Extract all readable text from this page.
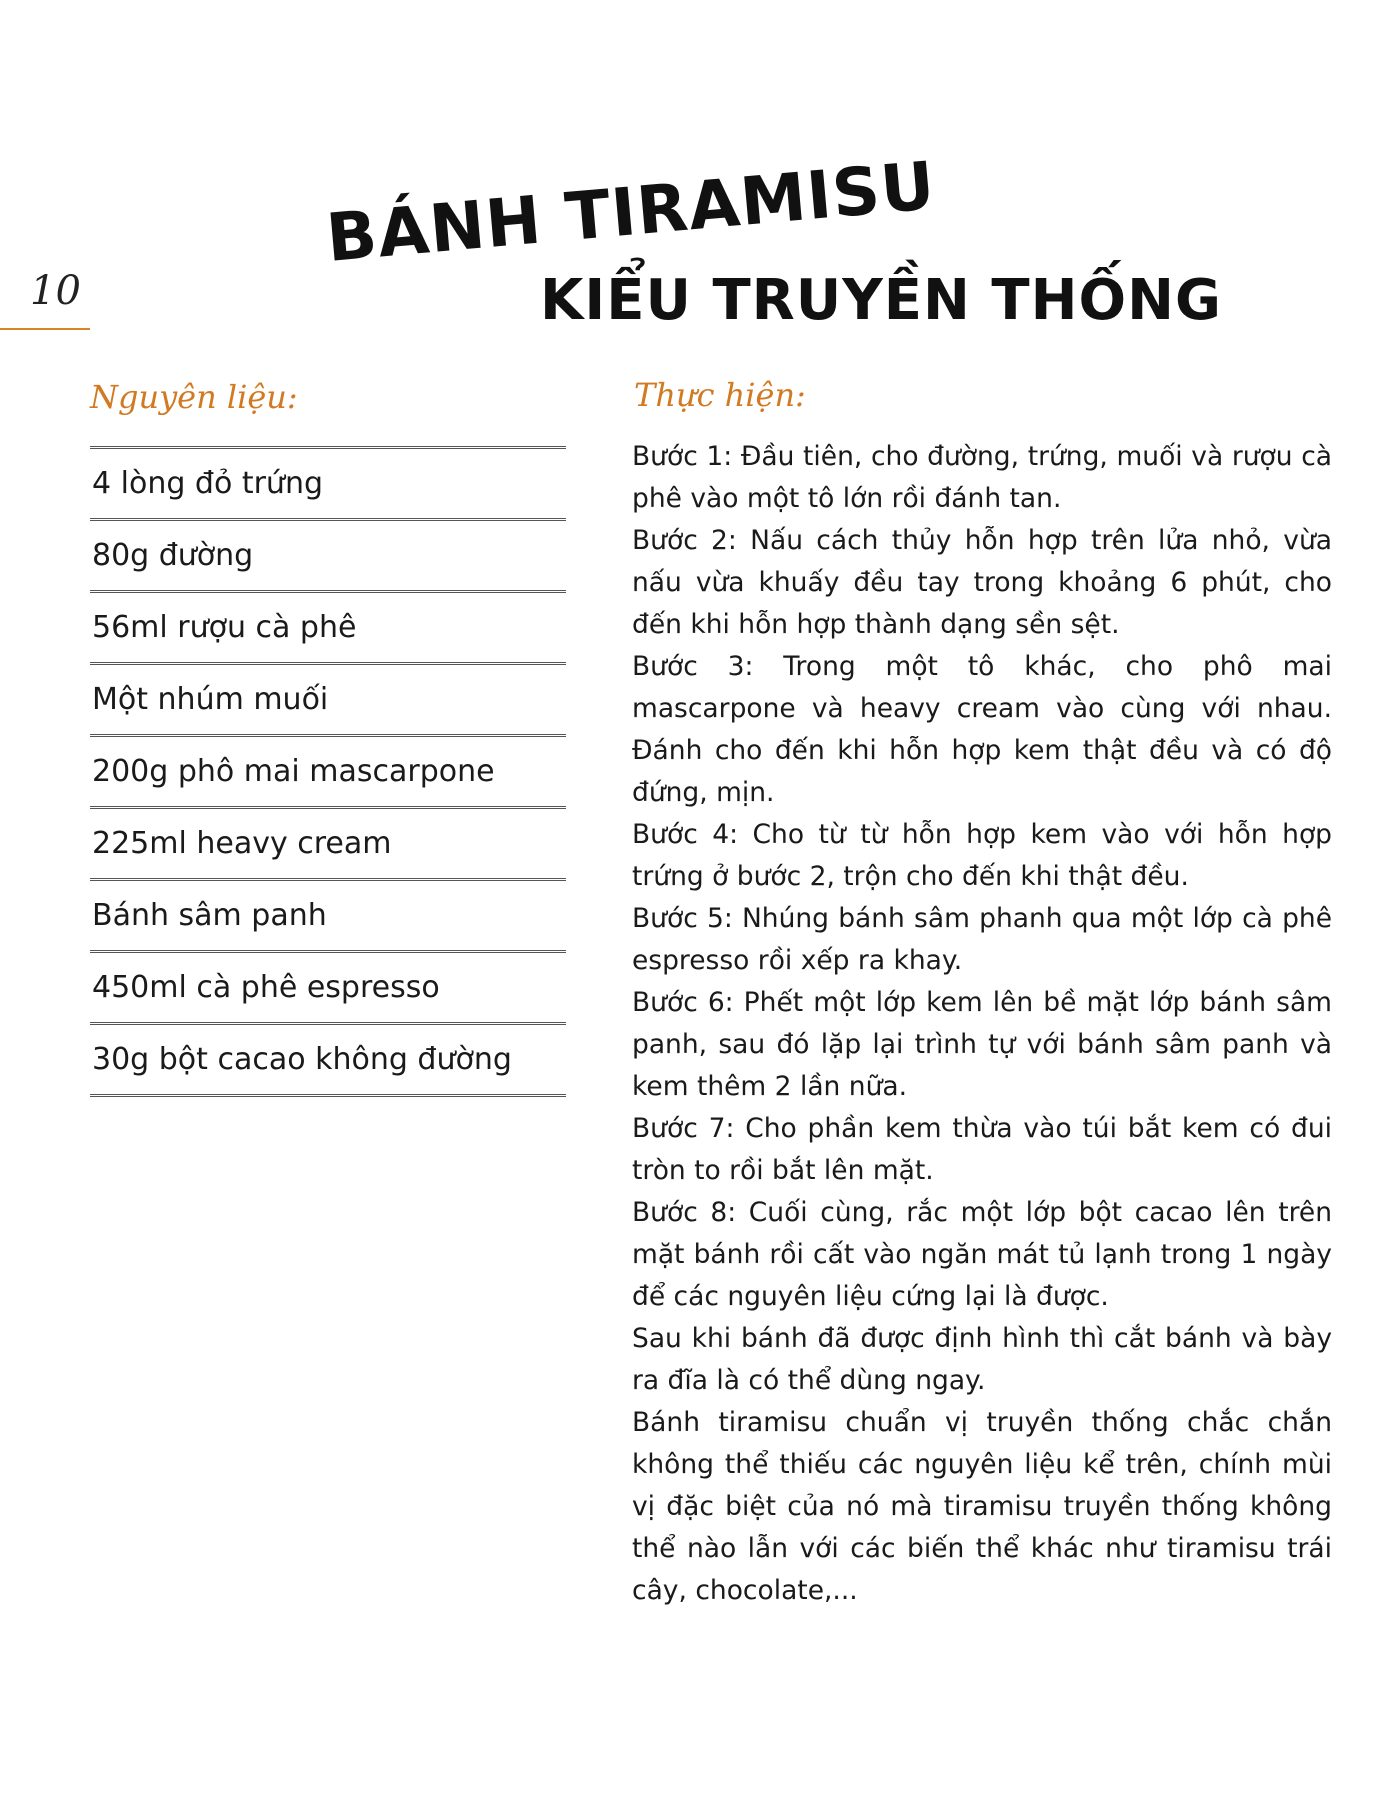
10
BÁNH TIRAMISU
KIỂU TRUYỀN THỐNG
Nguyên liệu:
4 lòng đỏ trứng
80g đường
56ml rượu cà phê
Một nhúm muối
200g phô mai mascarpone
225ml heavy cream
Bánh sâm panh
450ml cà phê espresso
30g bột cacao không đường
Thực hiện:

Bước 1: Đầu tiên, cho đường, trứng, muối và rượu cà phê vào một tô lớn rồi đánh tan.

Bước 2: Nấu cách thủy hỗn hợp trên lửa nhỏ, vừa nấu vừa khuấy đều tay trong khoảng 6 phút, cho đến khi hỗn hợp thành dạng sền sệt.

Bước 3: Trong một tô khác, cho phô mai mascarpone và heavy cream vào cùng với nhau. Đánh cho đến khi hỗn hợp kem thật đều và có độ đứng, mịn.

Bước 4: Cho từ từ hỗn hợp kem vào với hỗn hợp trứng ở bước 2, trộn cho đến khi thật đều.

Bước 5: Nhúng bánh sâm phanh qua một lớp cà phê espresso rồi xếp ra khay.

Bước 6: Phết một lớp kem lên bề mặt lớp bánh sâm panh, sau đó lặp lại trình tự với bánh sâm panh và kem thêm 2 lần nữa.

Bước 7: Cho phần kem thừa vào túi bắt kem có đui tròn to rồi bắt lên mặt.

Bước 8: Cuối cùng, rắc một lớp bột cacao lên trên mặt bánh rồi cất vào ngăn mát tủ lạnh trong 1 ngày để các nguyên liệu cứng lại là được.

Sau khi bánh đã được định hình thì cắt bánh và bày ra đĩa là có thể dùng ngay.

Bánh tiramisu chuẩn vị truyền thống chắc chắn không thể thiếu các nguyên liệu kể trên, chính mùi vị đặc biệt của nó mà tiramisu truyền thống không thể nào lẫn với các biến thể khác như tiramisu trái cây, chocolate,...
